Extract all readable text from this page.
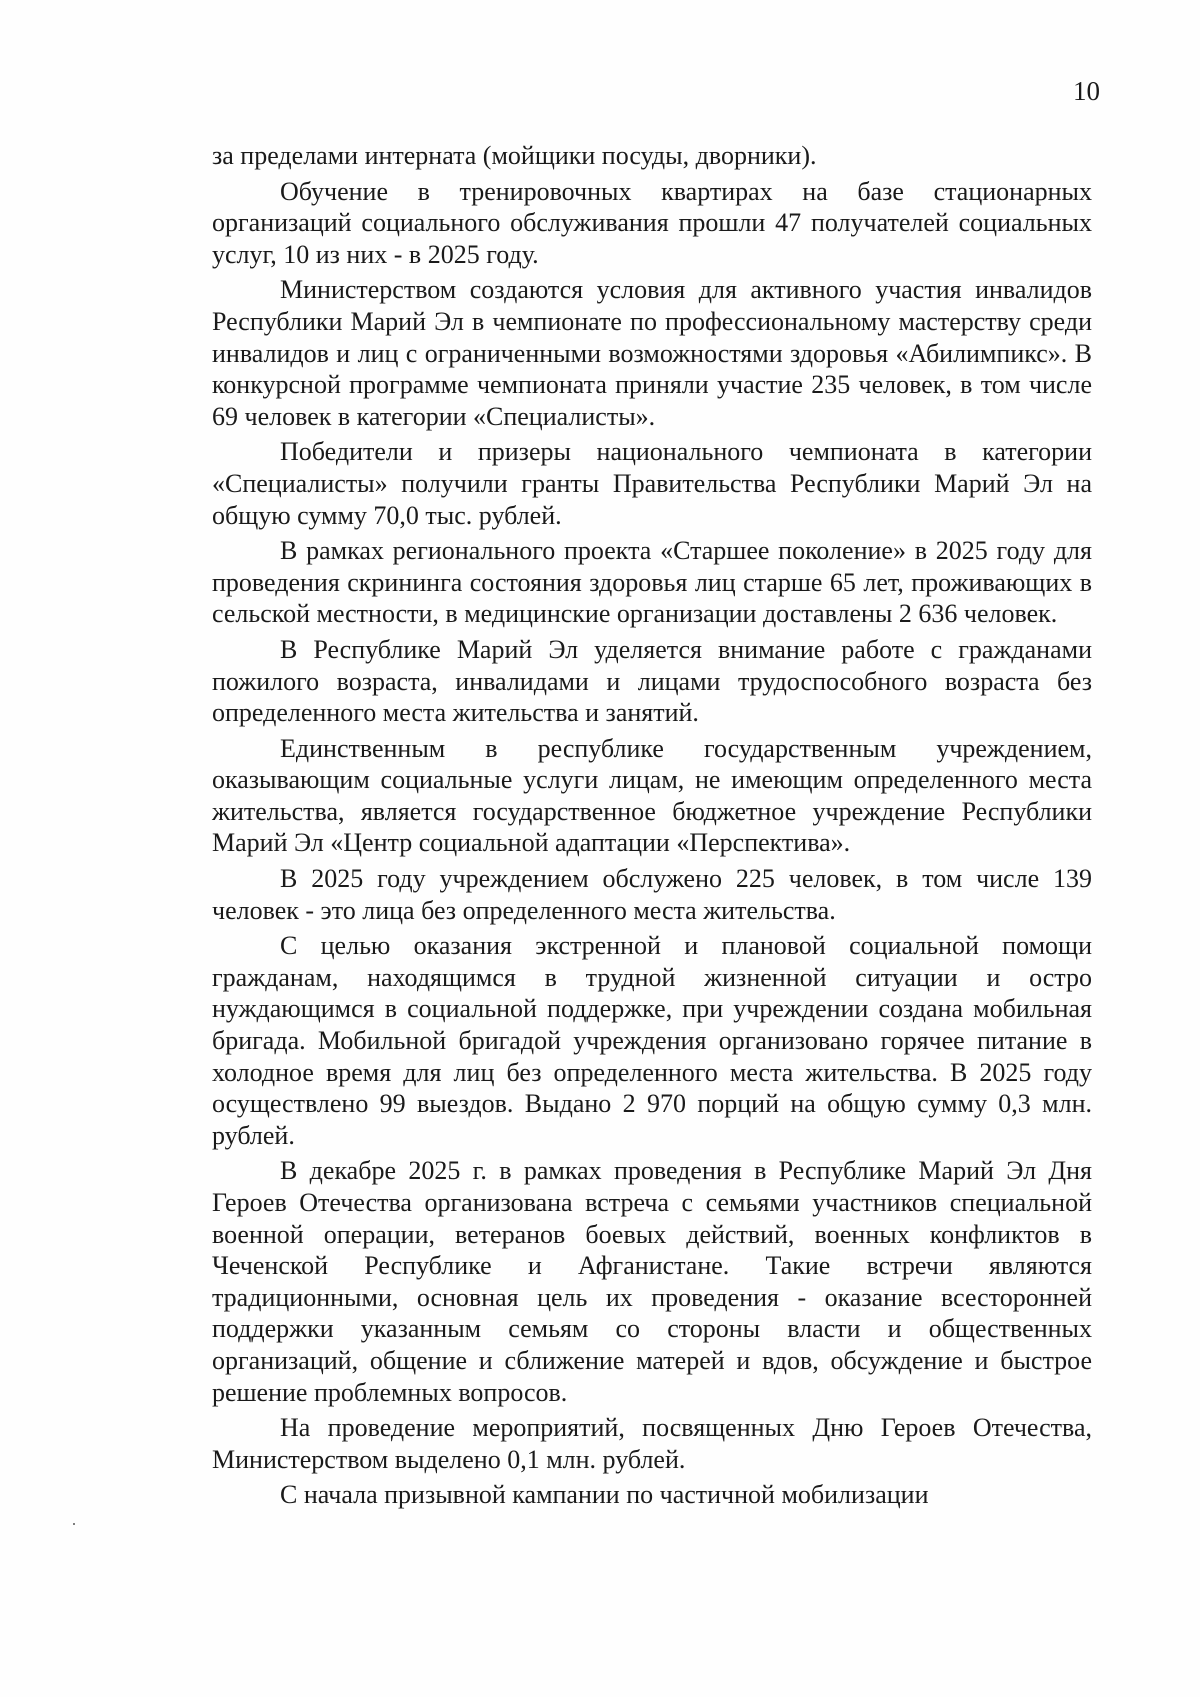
10

за пределами интерната (мойщики посуды, дворники).

Обучение в тренировочных квартирах на базе стационарных организаций социального обслуживания прошли 47 получателей социальных услуг, 10 из них - в 2025 году.

Министерством создаются условия для активного участия инвалидов Республики Марий Эл в чемпионате по профессиональному мастерству среди инвалидов и лиц с ограниченными возможностями здоровья «Абилимпикс». В конкурсной программе чемпионата приняли участие 235 человек, в том числе 69 человек в категории «Специалисты».

Победители и призеры национального чемпионата в категории «Специалисты» получили гранты Правительства Республики Марий Эл на общую сумму 70,0 тыс. рублей.

В рамках регионального проекта «Старшее поколение» в 2025 году для проведения скрининга состояния здоровья лиц старше 65 лет, проживающих в сельской местности, в медицинские организации доставлены 2 636 человек.

В Республике Марий Эл уделяется внимание работе с гражданами пожилого возраста, инвалидами и лицами трудоспособного возраста без определенного места жительства и занятий.

Единственным в республике государственным учреждением, оказывающим социальные услуги лицам, не имеющим определенного места жительства, является государственное бюджетное учреждение Республики Марий Эл «Центр социальной адаптации «Перспектива».

В 2025 году учреждением обслужено 225 человек, в том числе 139 человек - это лица без определенного места жительства.

С целью оказания экстренной и плановой социальной помощи гражданам, находящимся в трудной жизненной ситуации и остро нуждающимся в социальной поддержке, при учреждении создана мобильная бригада. Мобильной бригадой учреждения организовано горячее питание в холодное время для лиц без определенного места жительства. В 2025 году осуществлено 99 выездов. Выдано 2 970 порций на общую сумму 0,3 млн. рублей.

В декабре 2025 г. в рамках проведения в Республике Марий Эл Дня Героев Отечества организована встреча с семьями участников специальной военной операции, ветеранов боевых действий, военных конфликтов в Чеченской Республике и Афганистане. Такие встречи являются традиционными, основная цель их проведения - оказание всесторонней поддержки указанным семьям со стороны власти и общественных организаций, общение и сближение матерей и вдов, обсуждение и быстрое решение проблемных вопросов.

На проведение мероприятий, посвященных Дню Героев Отечества, Министерством выделено 0,1 млн. рублей.

С начала призывной кампании по частичной мобилизации
